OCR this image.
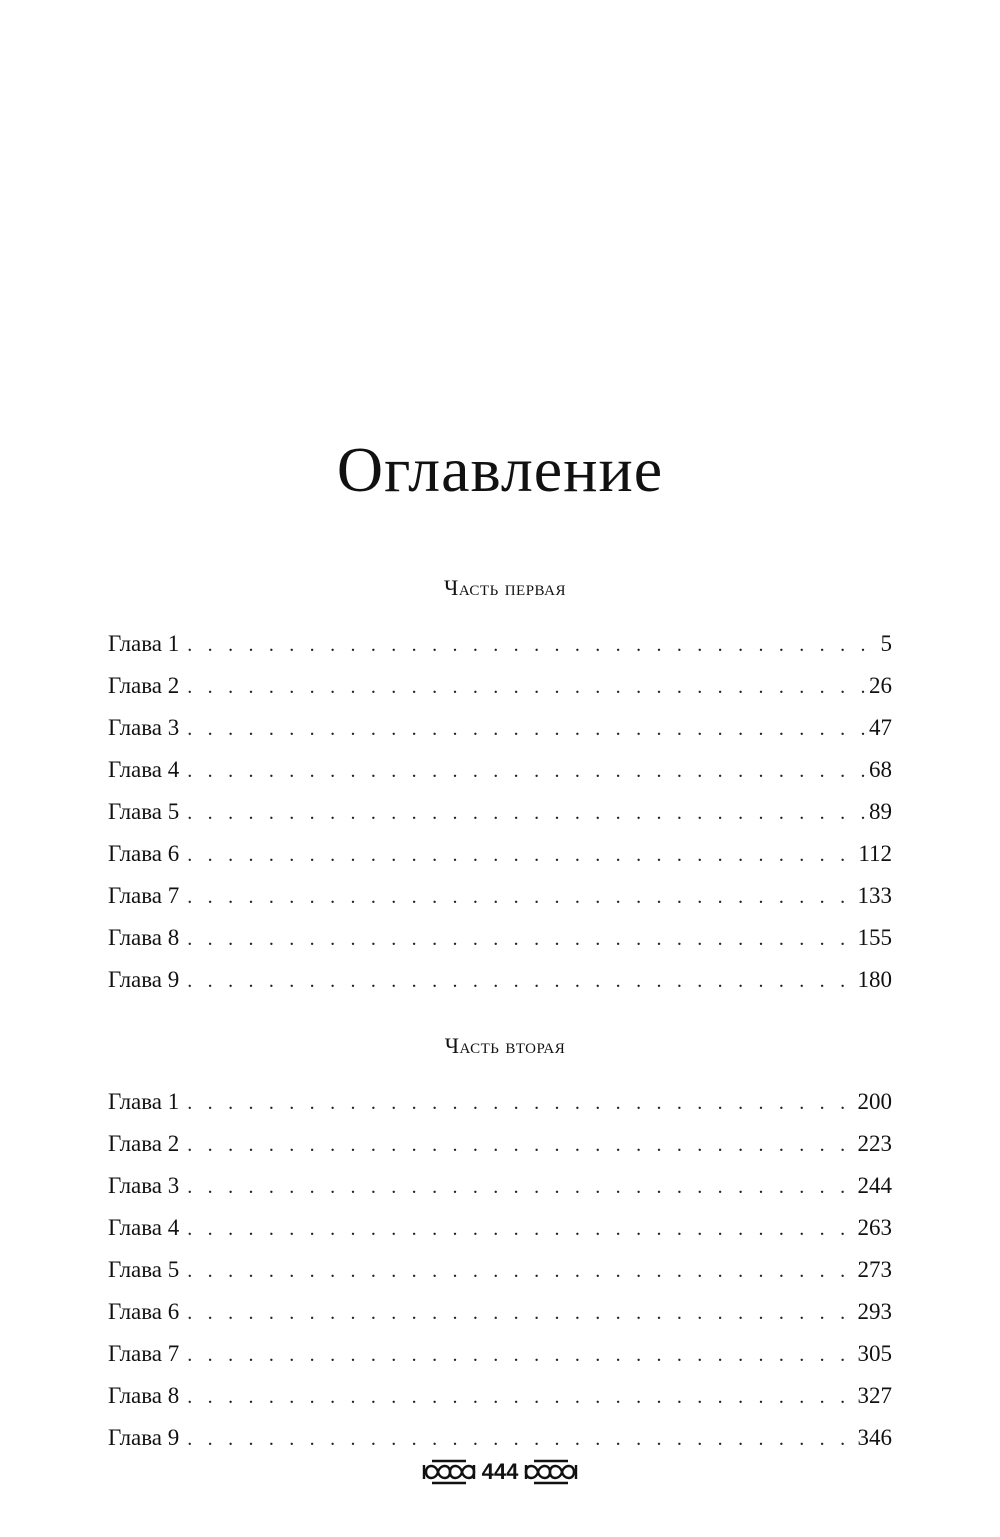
Оглавление
Часть первая
Глава 1 . . .	5
Глава 2 . . .	26
Глава 3 . . .	47
Глава 4 . . .	68
Глава 5 . . .	89
Глава 6 . . .	112
Глава 7 . . .	133
Глава 8 . . .	155
Глава 9 . . .	180
Часть вторая
Глава 1 . . .	200
Глава 2 . . .	223
Глава 3 . . .	244
Глава 4 . . .	263
Глава 5 . . .	273
Глава 6 . . .	293
Глава 7 . . .	305
Глава 8 . . .	327
Глава 9 . . .	346
444
